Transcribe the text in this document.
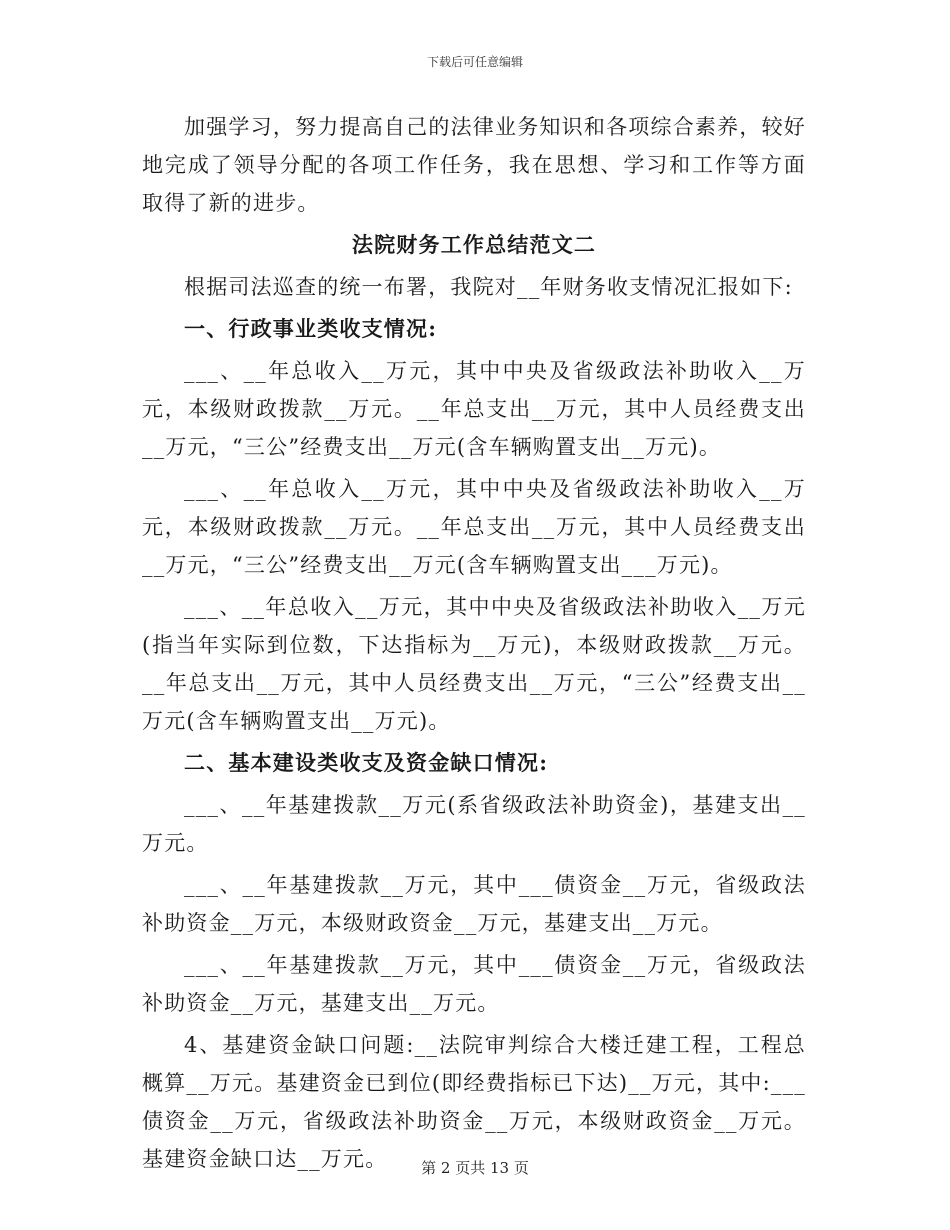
下载后可任意编辑

加强学习，努力提高自己的法律业务知识和各项综合素养，较好地完成了领导分配的各项工作任务，我在思想、学习和工作等方面取得了新的进步。

法院财务工作总结范文二

根据司法巡查的统一布署，我院对__年财务收支情况汇报如下:

一、行政事业类收支情况:

___、__年总收入__万元，其中中央及省级政法补助收入__万元，本级财政拨款__万元。__年总支出__万元，其中人员经费支出__万元，“三公”经费支出__万元(含车辆购置支出__万元)。

___、__年总收入__万元，其中中央及省级政法补助收入__万元，本级财政拨款__万元。__年总支出__万元，其中人员经费支出__万元，“三公”经费支出__万元(含车辆购置支出___万元)。

___、__年总收入__万元，其中中央及省级政法补助收入__万元(指当年实际到位数，下达指标为__万元)，本级财政拨款__万元。__年总支出__万元，其中人员经费支出__万元，“三公”经费支出__万元(含车辆购置支出__万元)。

二、基本建设类收支及资金缺口情况:

___、__年基建拨款__万元(系省级政法补助资金)，基建支出__万元。

___、__年基建拨款__万元，其中___债资金__万元，省级政法补助资金__万元，本级财政资金__万元，基建支出__万元。

___、__年基建拨款__万元，其中___债资金__万元，省级政法补助资金__万元，基建支出__万元。

4、基建资金缺口问题:__法院审判综合大楼迁建工程，工程总概算__万元。基建资金已到位(即经费指标已下达)__万元，其中:___债资金__万元，省级政法补助资金__万元，本级财政资金__万元。基建资金缺口达__万元。	第 2 页共 13 页
